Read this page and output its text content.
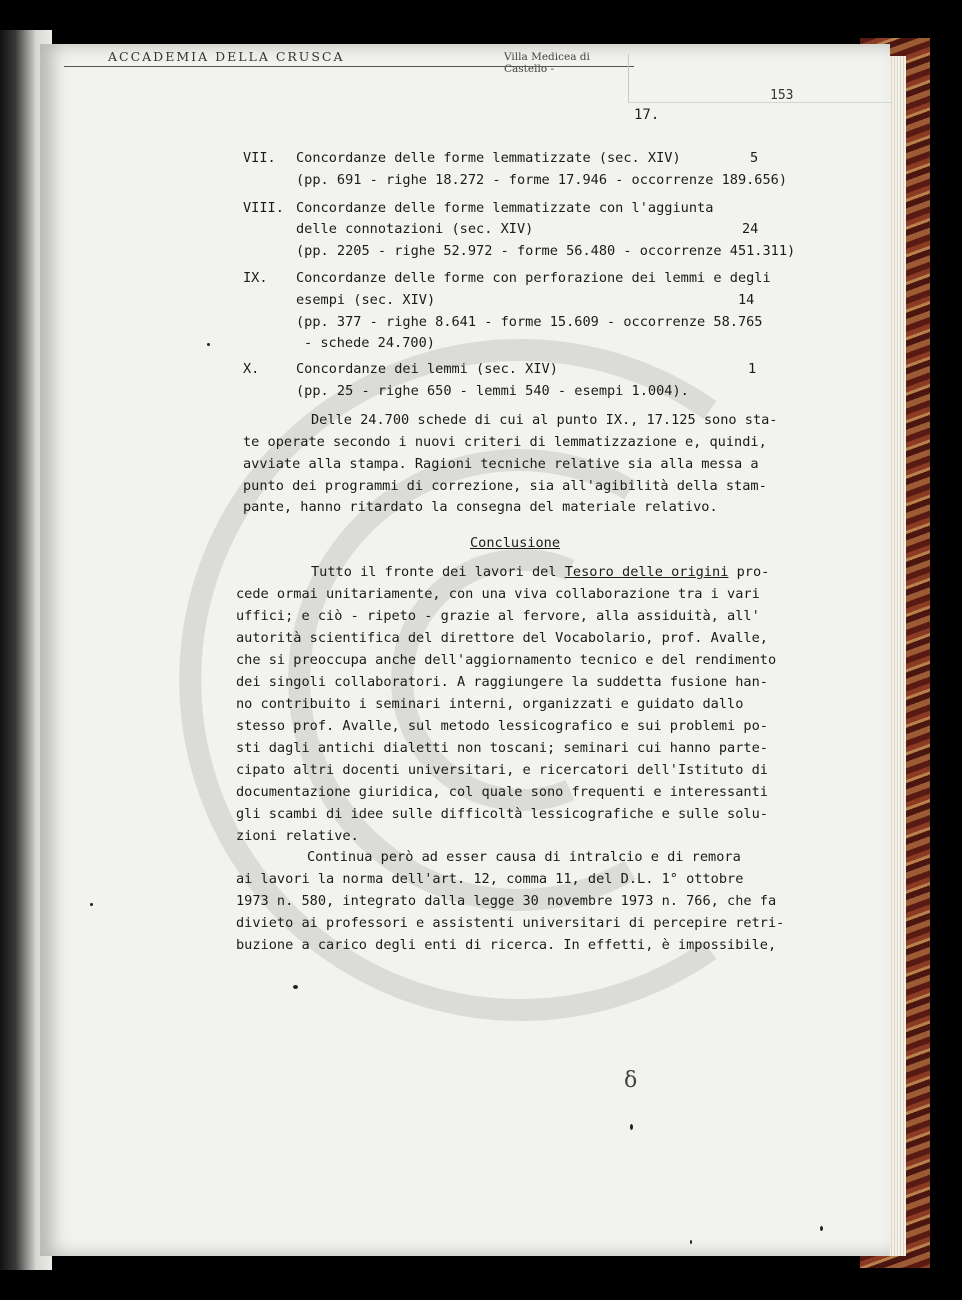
ACCADEMIA DELLA CRUSCA	Villa Medicea di Castello -
153
17.
VII. Concordanze delle forme lemmatizzate (sec. XIV)	5
(pp. 691 - righe 18.272 - forme 17.946 - occorrenze 189.656)
VIII. Concordanze delle forme lemmatizzate con l'aggiunta
delle connotazioni (sec. XIV)	24
(pp. 2205 - righe 52.972 - forme 56.480 - occorrenze 451.311)
IX. Concordanze delle forme con perforazione dei lemmi e degli
esempi (sec. XIV)	14
(pp. 377 - righe 8.641 - forme 15.609 - occorrenze 58.765
- schede 24.700)
X.	Concordanze dei lemmi (sec. XIV)	1
(pp. 25 - righe 650 - lemmi 540 - esempi 1.004).
Delle 24.700 schede di cui al punto IX., 17.125 sono sta-
te operate secondo i nuovi criteri di lemmatizzazione e, quindi,
avviate alla stampa. Ragioni tecniche relative sia alla messa a
punto dei programmi di correzione, sia all'agibilità della stam-
pante, hanno ritardato la consegna del materiale relativo.
Conclusione
Tutto il fronte dei lavori del Tesoro delle origini pro-
cede ormai unitariamente, con una viva collaborazione tra i vari
uffici; e ciò - ripeto - grazie al fervore, alla assiduità, all'
autorità scientifica del direttore del Vocabolario, prof. Avalle,
che si preoccupa anche dell'aggiornamento tecnico e del rendimento
dei singoli collaboratori. A raggiungere la suddetta fusione han-
no contribuito i seminari interni, organizzati e guidato dallo
stesso prof. Avalle, sul metodo lessicografico e sui problemi po-
sti dagli antichi dialetti non toscani; seminari cui hanno parte-
cipato altri docenti universitari, e ricercatori dell'Istituto di
documentazione giuridica, col quale sono frequenti e interessanti
gli scambi di idee sulle difficoltà lessicografiche e sulle solu-
zioni relative.
Continua però ad esser causa di intralcio e di remora
ai lavori la norma dell'art. 12, comma 11, del D.L. 1° ottobre
1973 n. 580, integrato dalla legge 30 novembre 1973 n. 766, che fa
divieto ai professori e assistenti universitari di percepire retri-
buzione a carico degli enti di ricerca. In effetti, è impossibile,
δ
